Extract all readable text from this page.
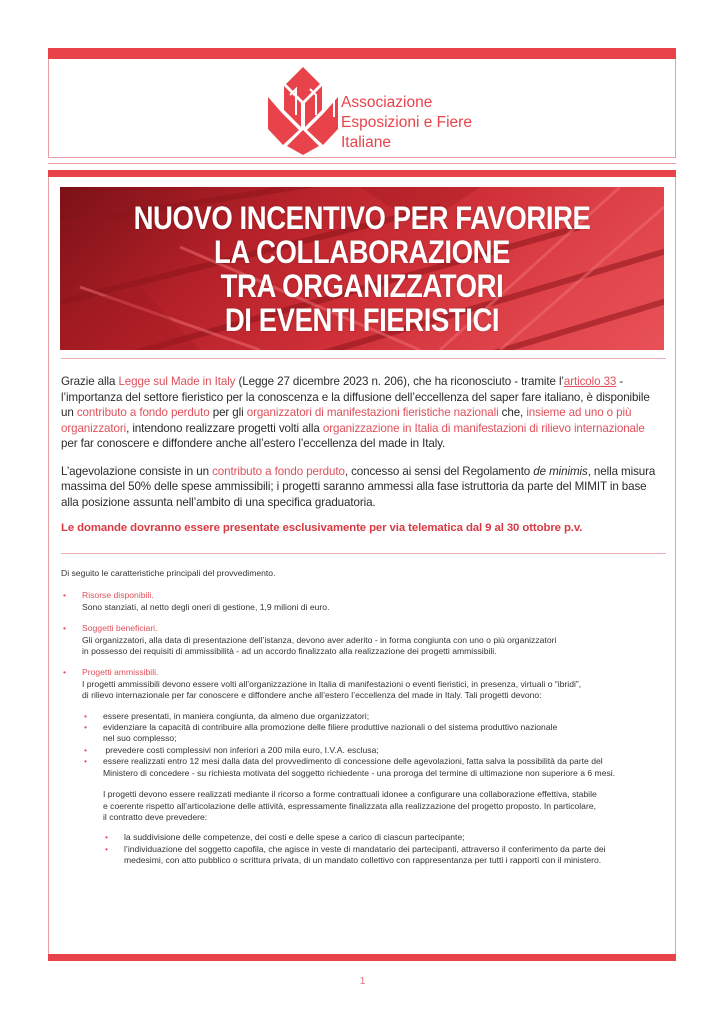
Associazione
Esposizioni e Fiere
Italiane
NUOVO INCENTIVO PER FAVORIRE
LA COLLABORAZIONE
TRA ORGANIZZATORI
DI EVENTI FIERISTICI
Grazie alla Legge sul Made in Italy (Legge 27 dicembre 2023 n. 206), che ha riconosciuto - tramite l’articolo 33 -
l’importanza del settore fieristico per la conoscenza e la diffusione dell’eccellenza del saper fare italiano, è disponibile
un contributo a fondo perduto per gli organizzatori di manifestazioni fieristiche nazionali che, insieme ad uno o più
organizzatori, intendono realizzare progetti volti alla organizzazione in Italia di manifestazioni di rilievo internazionale
per far conoscere e diffondere anche all’estero l’eccellenza del made in Italy.
L’agevolazione consiste in un contributo a fondo perduto, concesso ai sensi del Regolamento de minimis, nella misura
massima del 50% delle spese ammissibili; i progetti saranno ammessi alla fase istruttoria da parte del MIMIT in base
alla posizione assunta nell’ambito di una specifica graduatoria.
Le domande dovranno essere presentate esclusivamente per via telematica dal 9 al 30 ottobre p.v.
Di seguito le caratteristiche principali del provvedimento.
• Risorse disponibili.
Sono stanziati, al netto degli oneri di gestione, 1,9 milioni di euro.
• Soggetti beneficiari.
Gli organizzatori, alla data di presentazione dell’istanza, devono aver aderito - in forma congiunta con uno o più organizzatori
in possesso dei requisiti di ammissibilità - ad un accordo finalizzato alla realizzazione dei progetti ammissibili.
• Progetti ammissibili.
I progetti ammissibili devono essere volti all’organizzazione in Italia di manifestazioni o eventi fieristici, in presenza, virtuali o “ibridi”,
di rilievo internazionale per far conoscere e diffondere anche all’estero l’eccellenza del made in Italy. Tali progetti devono:
• essere presentati, in maniera congiunta, da almeno due organizzatori;
• evidenziare la capacità di contribuire alla promozione delle filiere produttive nazionali o del sistema produttivo nazionale
nel suo complesso;
• prevedere costi complessivi non inferiori a 200 mila euro, I.V.A. esclusa;
• essere realizzati entro 12 mesi dalla data del provvedimento di concessione delle agevolazioni, fatta salva la possibilità da parte del
Ministero di concedere - su richiesta motivata del soggetto richiedente - una proroga del termine di ultimazione non superiore a 6 mesi.
I progetti devono essere realizzati mediante il ricorso a forme contrattuali idonee a configurare una collaborazione effettiva, stabile
e coerente rispetto all’articolazione delle attività, espressamente finalizzata alla realizzazione del progetto proposto. In particolare,
il contratto deve prevedere:
• la suddivisione delle competenze, dei costi e delle spese a carico di ciascun partecipante;
• l’individuazione del soggetto capofila, che agisce in veste di mandatario dei partecipanti, attraverso il conferimento da parte dei
medesimi, con atto pubblico o scrittura privata, di un mandato collettivo con rappresentanza per tutti i rapporti con il ministero.
1
